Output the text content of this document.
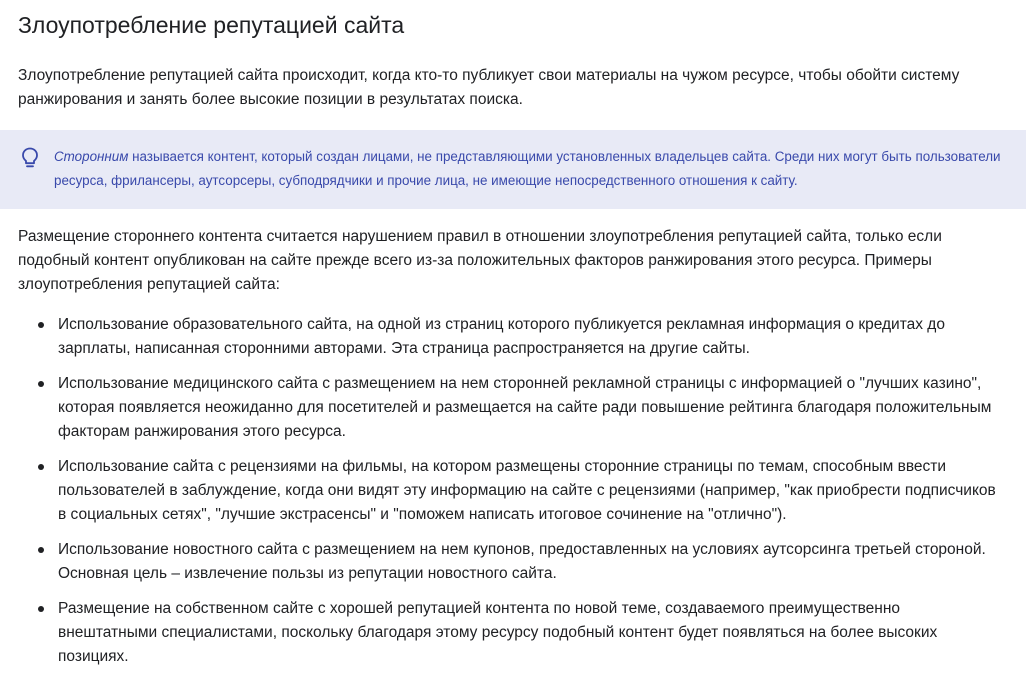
Злоупотребление репутацией сайта

Злоупотребление репутацией сайта происходит, когда кто-то публикует свои материалы на чужом ресурсе, чтобы обойти систему ранжирования и занять более высокие позиции в результатах поиска.

Сторонним называется контент, который создан лицами, не представляющими установленных владельцев сайта. Среди них могут быть пользователи ресурса, фрилансеры, аутсорсеры, субподрядчики и прочие лица, не имеющие непосредственного отношения к сайту.

Размещение стороннего контента считается нарушением правил в отношении злоупотребления репутацией сайта, только если подобный контент опубликован на сайте прежде всего из-за положительных факторов ранжирования этого ресурса. Примеры злоупотребления репутацией сайта:

Использование образовательного сайта, на одной из страниц которого публикуется рекламная информация о кредитах до зарплаты, написанная сторонними авторами. Эта страница распространяется на другие сайты.
Использование медицинского сайта с размещением на нем сторонней рекламной страницы с информацией о "лучших казино", которая появляется неожиданно для посетителей и размещается на сайте ради повышение рейтинга благодаря положительным факторам ранжирования этого ресурса.
Использование сайта с рецензиями на фильмы, на котором размещены сторонние страницы по темам, способным ввести пользователей в заблуждение, когда они видят эту информацию на сайте с рецензиями (например, "как приобрести подписчиков в социальных сетях", "лучшие экстрасенсы" и "поможем написать итоговое сочинение на "отлично").
Использование новостного сайта с размещением на нем купонов, предоставленных на условиях аутсорсинга третьей стороной. Основная цель – извлечение пользы из репутации новостного сайта.
Размещение на собственном сайте с хорошей репутацией контента по новой теме, создаваемого преимущественно внештатными специалистами, поскольку благодаря этому ресурсу подобный контент будет появляться на более высоких позициях.
